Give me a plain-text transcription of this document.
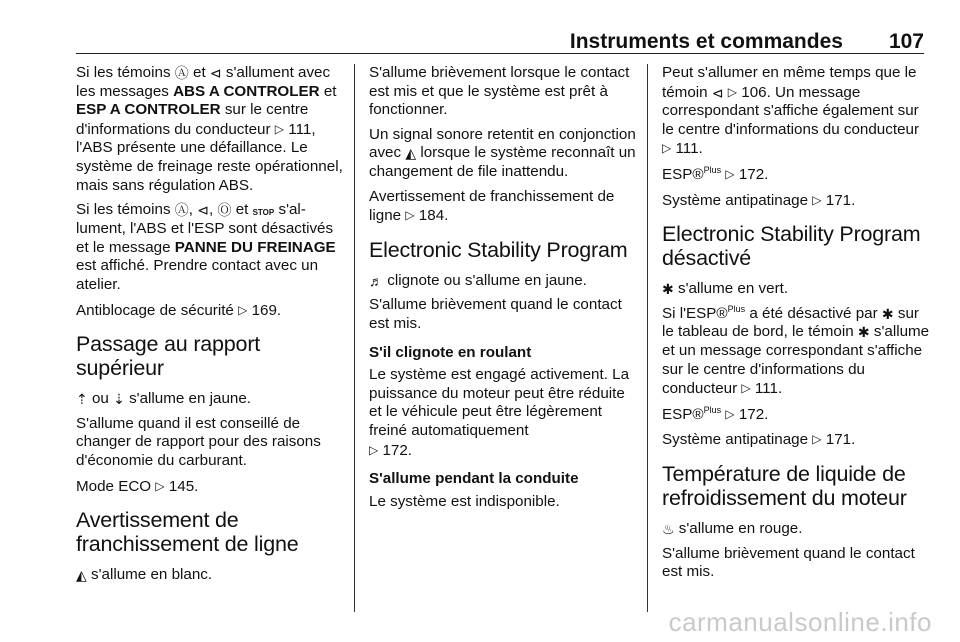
Instruments et commandes 107

Si les témoins Ⓐ et ⊲ s'allument avec les messages ABS A CONTROLER et ESP A CONTROLER sur le centre d'informations du conducteur ▷ 111, l'ABS présente une défaillance. Le système de freinage reste opérationnel, mais sans régulation ABS.

Si les témoins Ⓐ, ⊲, Ⓞ et STOP s'allument, l'ABS et l'ESP sont désactivés et le message PANNE DU FREINAGE est affiché. Prendre contact avec un atelier.

Antiblocage de sécurité ▷ 169.

Passage au rapport supérieur

⇡ ou ⇣ s'allume en jaune.

S'allume quand il est conseillé de changer de rapport pour des raisons d'économie du carburant.

Mode ECO ▷ 145.

Avertissement de franchissement de ligne

◭ s'allume en blanc.

S'allume brièvement lorsque le contact est mis et que le système est prêt à fonctionner.

Un signal sonore retentit en conjonction avec ◭ lorsque le système reconnaît un changement de file inattendu.

Avertissement de franchissement de ligne ▷ 184.

Electronic Stability Program

♬ clignote ou s'allume en jaune.

S'allume brièvement quand le contact est mis.

S'il clignote en roulant

Le système est engagé activement. La puissance du moteur peut être réduite et le véhicule peut être légèrement freiné automatiquement
▷ 172.

S'allume pendant la conduite

Le système est indisponible.

Peut s'allumer en même temps que le témoin ⊲ ▷ 106. Un message correspondant s'affiche également sur le centre d'informations du conducteur ▷ 111.

ESP®$^{Plus}$ ▷ 172.

Système antipatinage ▷ 171.

Electronic Stability Program désactivé

✱ s'allume en vert.

Si l'ESP®$^{Plus}$ a été désactivé par ✱ sur le tableau de bord, le témoin ✱ s'allume et un message correspondant s'affiche sur le centre d'informations du conducteur ▷ 111.

ESP®$^{Plus}$ ▷ 172.

Système antipatinage ▷ 171.

Température de liquide de refroidissement du moteur

♨ s'allume en rouge.

S'allume brièvement quand le contact est mis.

carmanualsonline.info
